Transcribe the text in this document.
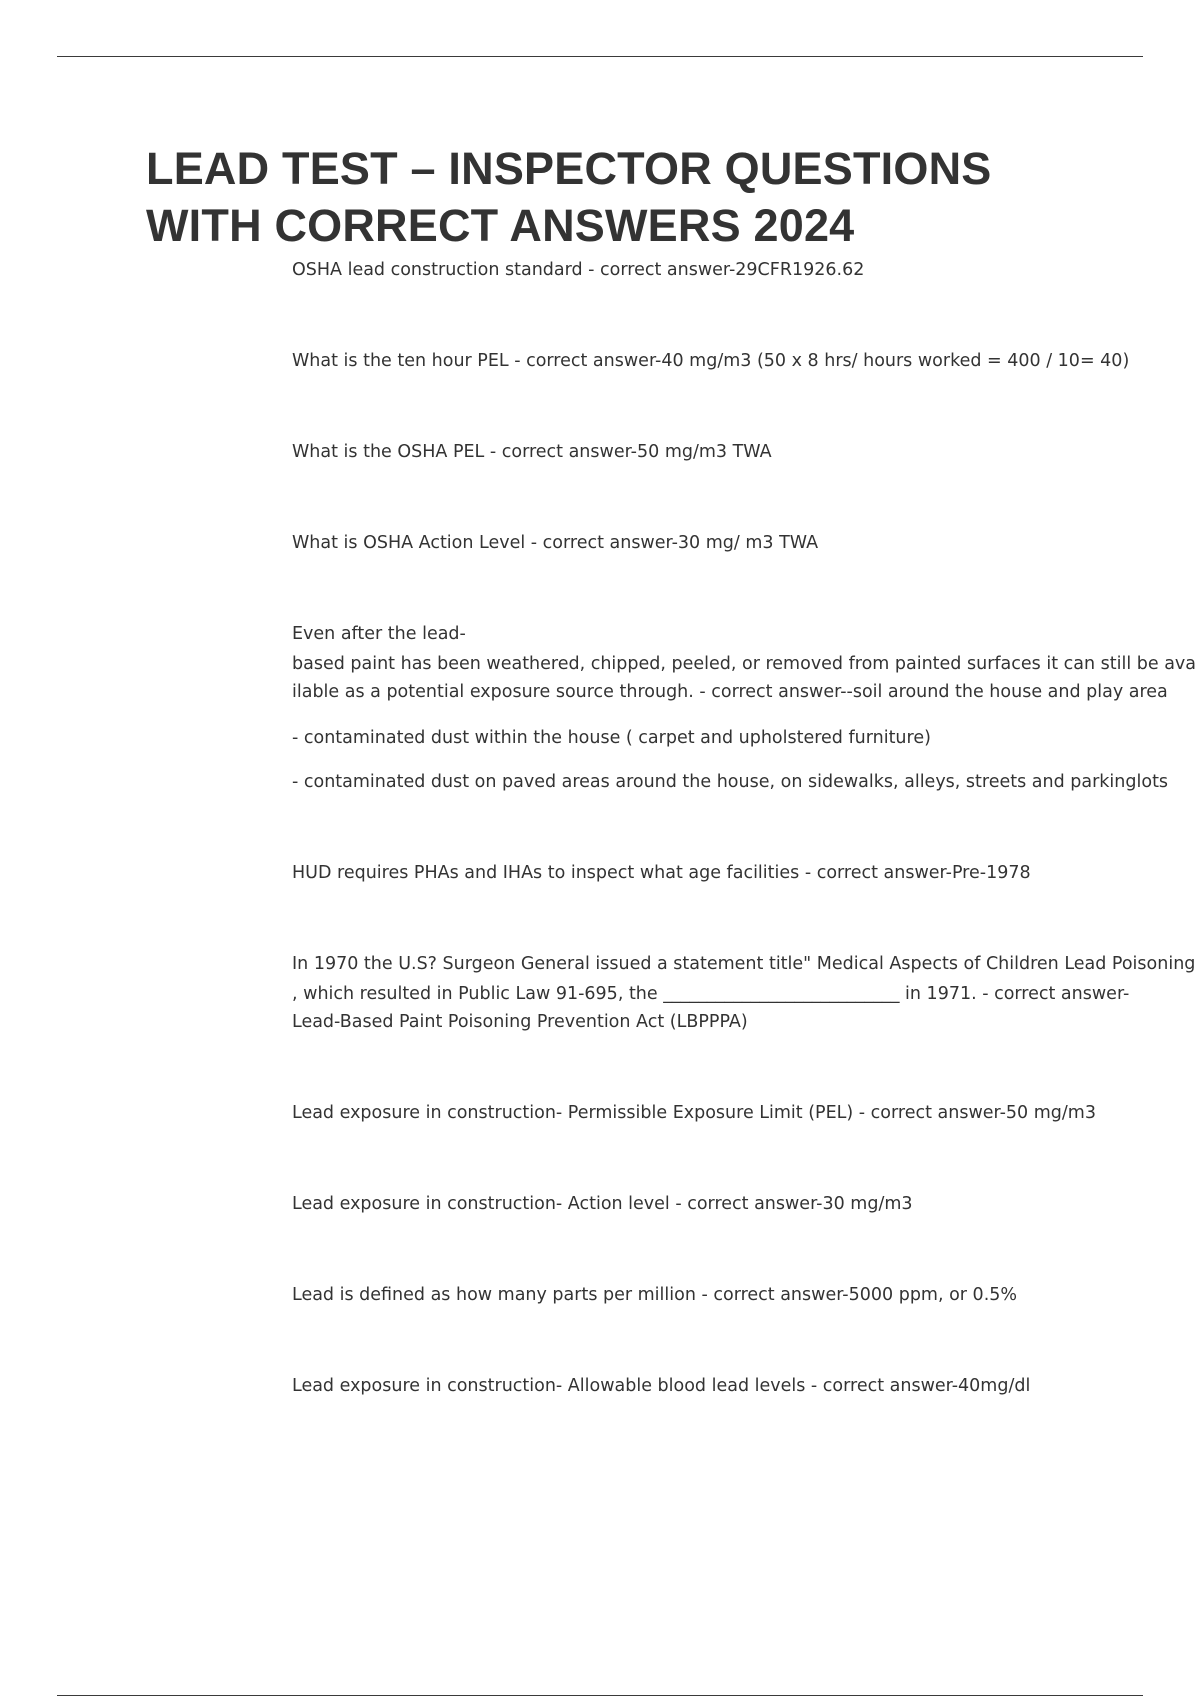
LEAD TEST – INSPECTOR QUESTIONS
WITH CORRECT ANSWERS 2024

OSHA lead construction standard - correct answer-29CFR1926.62

What is the ten hour PEL - correct answer-40 mg/m3 (50 x 8 hrs/ hours worked = 400 / 10= 40)

What is the OSHA PEL - correct answer-50 mg/m3 TWA

What is OSHA Action Level - correct answer-30 mg/ m3 TWA

Even after the lead-

based paint has been weathered, chipped, peeled, or removed from painted surfaces it can still be ava

ilable as a potential exposure source through. - correct answer--soil around the house and play area

- contaminated dust within the house ( carpet and upholstered furniture)

- contaminated dust on paved areas around the house, on sidewalks, alleys, streets and parkinglots

HUD requires PHAs and IHAs to inspect what age facilities - correct answer-Pre-1978

In 1970 the U.S? Surgeon General issued a statement title" Medical Aspects of Children Lead Poisoning

, which resulted in Public Law 91-695, the ___________________________ in 1971. - correct answer-

Lead-Based Paint Poisoning Prevention Act (LBPPPA)

Lead exposure in construction- Permissible Exposure Limit (PEL) - correct answer-50 mg/m3

Lead exposure in construction- Action level - correct answer-30 mg/m3

Lead is defined as how many parts per million - correct answer-5000 ppm, or 0.5%

Lead exposure in construction- Allowable blood lead levels - correct answer-40mg/dl
